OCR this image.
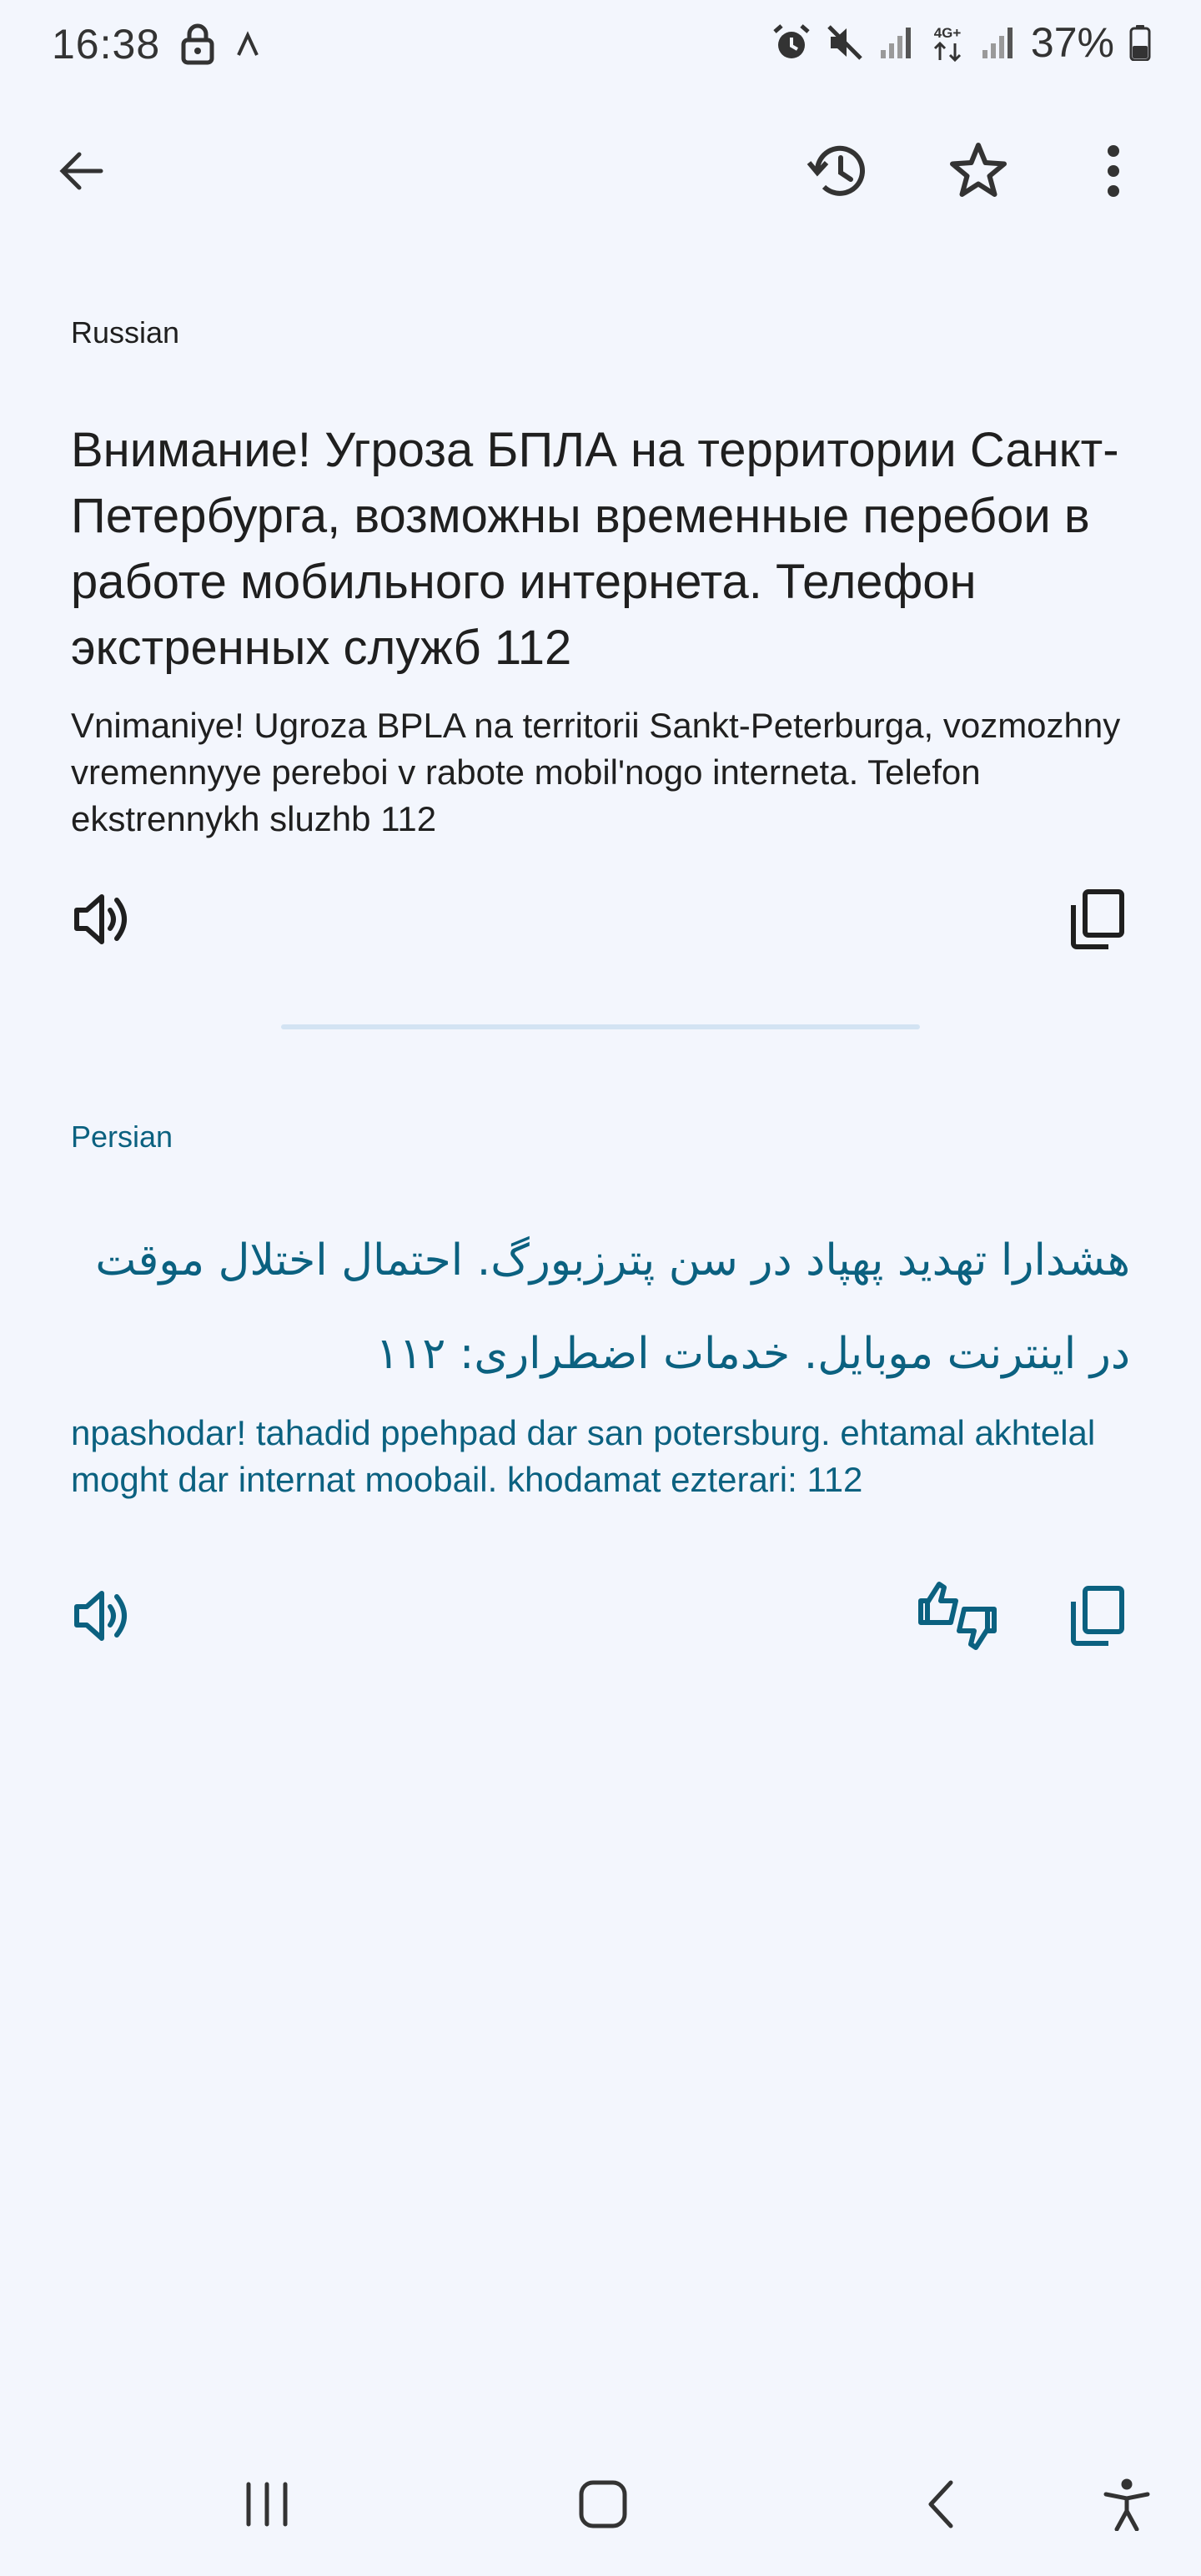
16:38	4G+ 37%
Russian
Внимание! Угроза БПЛА на территории Санкт-Петербурга, возможны временные перебои в работе мобильного интернета. Телефон экстренных служб 112
Vnimaniye! Ugroza BPLA na territorii Sankt-Peterburga, vozmozhny vremennyye pereboi v rabote mobil'nogo interneta. Telefon ekstrennykh sluzhb 112
Persian
هشدارا تهدید پهپاد در سن پترزبورگ. احتمال اختلال موقت در اینترنت موبایل. خدمات اضطراری: ۱۱۲
npashodar! tahadid ppehpad dar san potersburg. ehtamal akhtelal moght dar internat moobail. khodamat ezterari: 112
